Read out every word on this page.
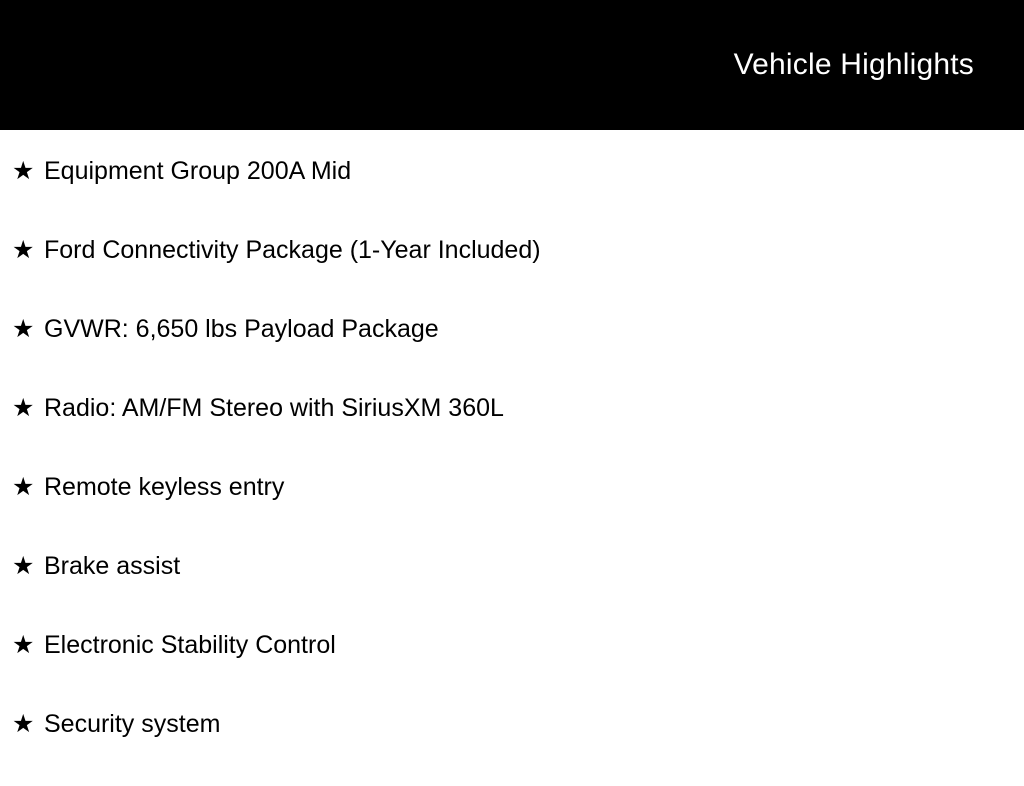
Vehicle Highlights
★ Equipment Group 200A Mid
★ Ford Connectivity Package (1-Year Included)
★ GVWR: 6,650 lbs Payload Package
★ Radio: AM/FM Stereo with SiriusXM 360L
★ Remote keyless entry
★ Brake assist
★ Electronic Stability Control
★ Security system
